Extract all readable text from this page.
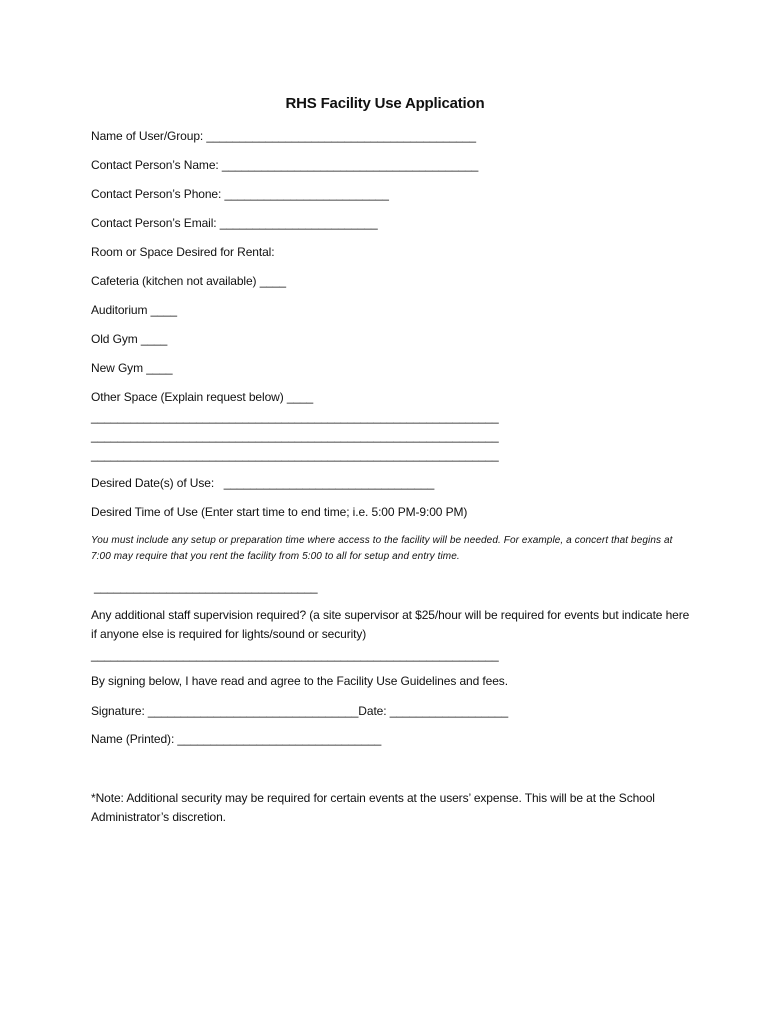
RHS Facility Use Application
Name of User/Group: _________________________________________
Contact Person’s Name: _______________________________________
Contact Person’s Phone: _________________________
Contact Person’s Email: ________________________
Room or Space Desired for Rental:
Cafeteria (kitchen not available) ____
Auditorium ____
Old Gym ____
New Gym ____
Other Space (Explain request below) ____
______________________________________________________________
______________________________________________________________
______________________________________________________________
Desired Date(s) of Use:   ________________________________
Desired Time of Use (Enter start time to end time; i.e. 5:00 PM-9:00 PM)
You must include any setup or preparation time where access to the facility will be needed. For example, a concert that begins at 7:00 may require that you rent the facility from 5:00 to all for setup and entry time.
__________________________________
Any additional staff supervision required? (a site supervisor at $25/hour will be required for events but indicate here if anyone else is required for lights/sound or security)
______________________________________________________________
By signing below, I have read and agree to the Facility Use Guidelines and fees.
Signature: ________________________________Date: __________________
Name (Printed): _______________________________
*Note: Additional security may be required for certain events at the users’ expense. This will be at the School Administrator’s discretion.
